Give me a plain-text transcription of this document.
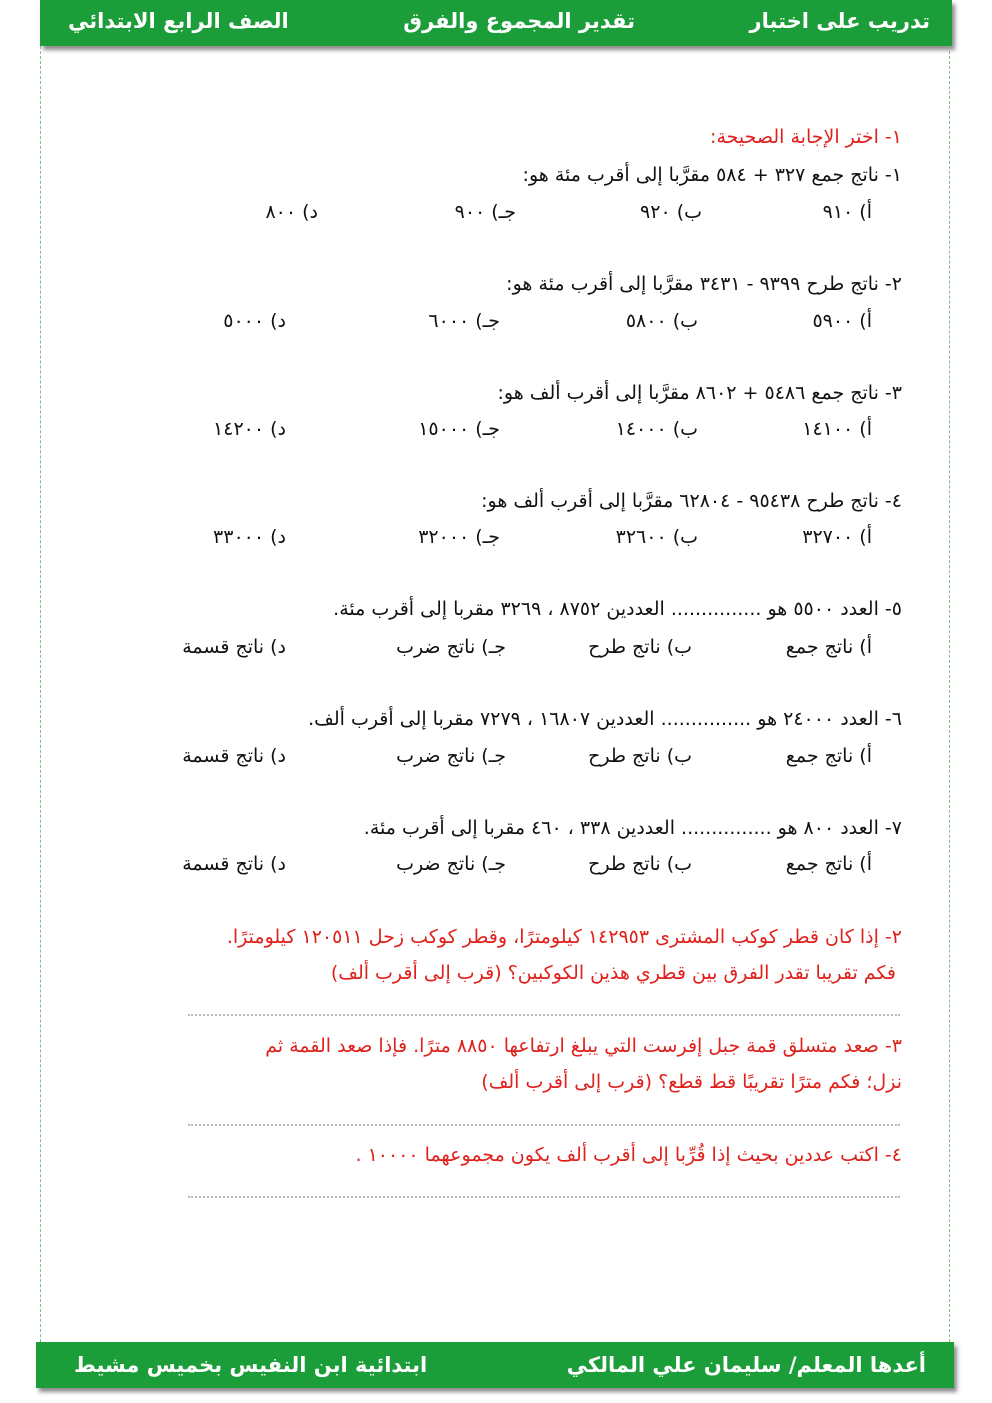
تدريب على اختبار
تقدير المجموع والفرق
الصف الرابع الابتدائي
١- اختر الإجابة الصحيحة:
١- ناتج جمع ٣٢٧ + ٥٨٤ مقرَّبا إلى أقرب مئة هو:
أ) ٩١٠
ب) ٩٢٠
جـ) ٩٠٠
د) ٨٠٠
٢- ناتج طرح ٩٣٩٩ - ٣٤٣١ مقرَّبا إلى أقرب مئة هو:
أ) ٥٩٠٠
ب) ٥٨٠٠
جـ) ٦٠٠٠
د) ٥٠٠٠
٣- ناتج جمع ٥٤٨٦ + ٨٦٠٢ مقرَّبا إلى أقرب ألف هو:
أ) ١٤١٠٠
ب) ١٤٠٠٠
جـ) ١٥٠٠٠
د) ١٤٢٠٠
٤- ناتج طرح ٩٥٤٣٨ - ٦٢٨٠٤ مقرَّبا إلى أقرب ألف هو:
أ) ٣٢٧٠٠
ب) ٣٢٦٠٠
جـ) ٣٢٠٠٠
د) ٣٣٠٠٠
٥- العدد ٥٥٠٠ هو ............... العددين ٨٧٥٢ ، ٣٢٦٩ مقربا إلى أقرب مئة.
أ) ناتج جمع
ب) ناتج طرح
جـ) ناتج ضرب
د) ناتج قسمة
٦- العدد ٢٤٠٠٠ هو ............... العددين ١٦٨٠٧ ، ٧٢٧٩ مقربا إلى أقرب ألف.
أ) ناتج جمع
ب) ناتج طرح
جـ) ناتج ضرب
د) ناتج قسمة
٧- العدد ٨٠٠ هو ............... العددين ٣٣٨ ، ٤٦٠ مقربا إلى أقرب مئة.
أ) ناتج جمع
ب) ناتج طرح
جـ) ناتج ضرب
د) ناتج قسمة
٢- إذا كان قطر كوكب المشترى ١٤٢٩٥٣ كيلومترًا، وقطر كوكب زحل ١٢٠٥١١ كيلومترًا.
فكم تقريبا تقدر الفرق بين قطري هذين الكوكبين؟ (قرب إلى أقرب ألف)
٣- صعد متسلق قمة جبل إفرست التي يبلغ ارتفاعها ٨٨٥٠ مترًا. فإذا صعد القمة ثم
نزل؛ فكم مترًا تقريبًا قط قطع؟ (قرب إلى أقرب ألف)
٤- اكتب عددين بحيث إذا قُرِّبا إلى أقرب ألف يكون مجموعهما ١٠٠٠٠ .
أعدها المعلم/ سليمان علي المالكي
ابتدائية ابن النفيس بخميس مشيط
